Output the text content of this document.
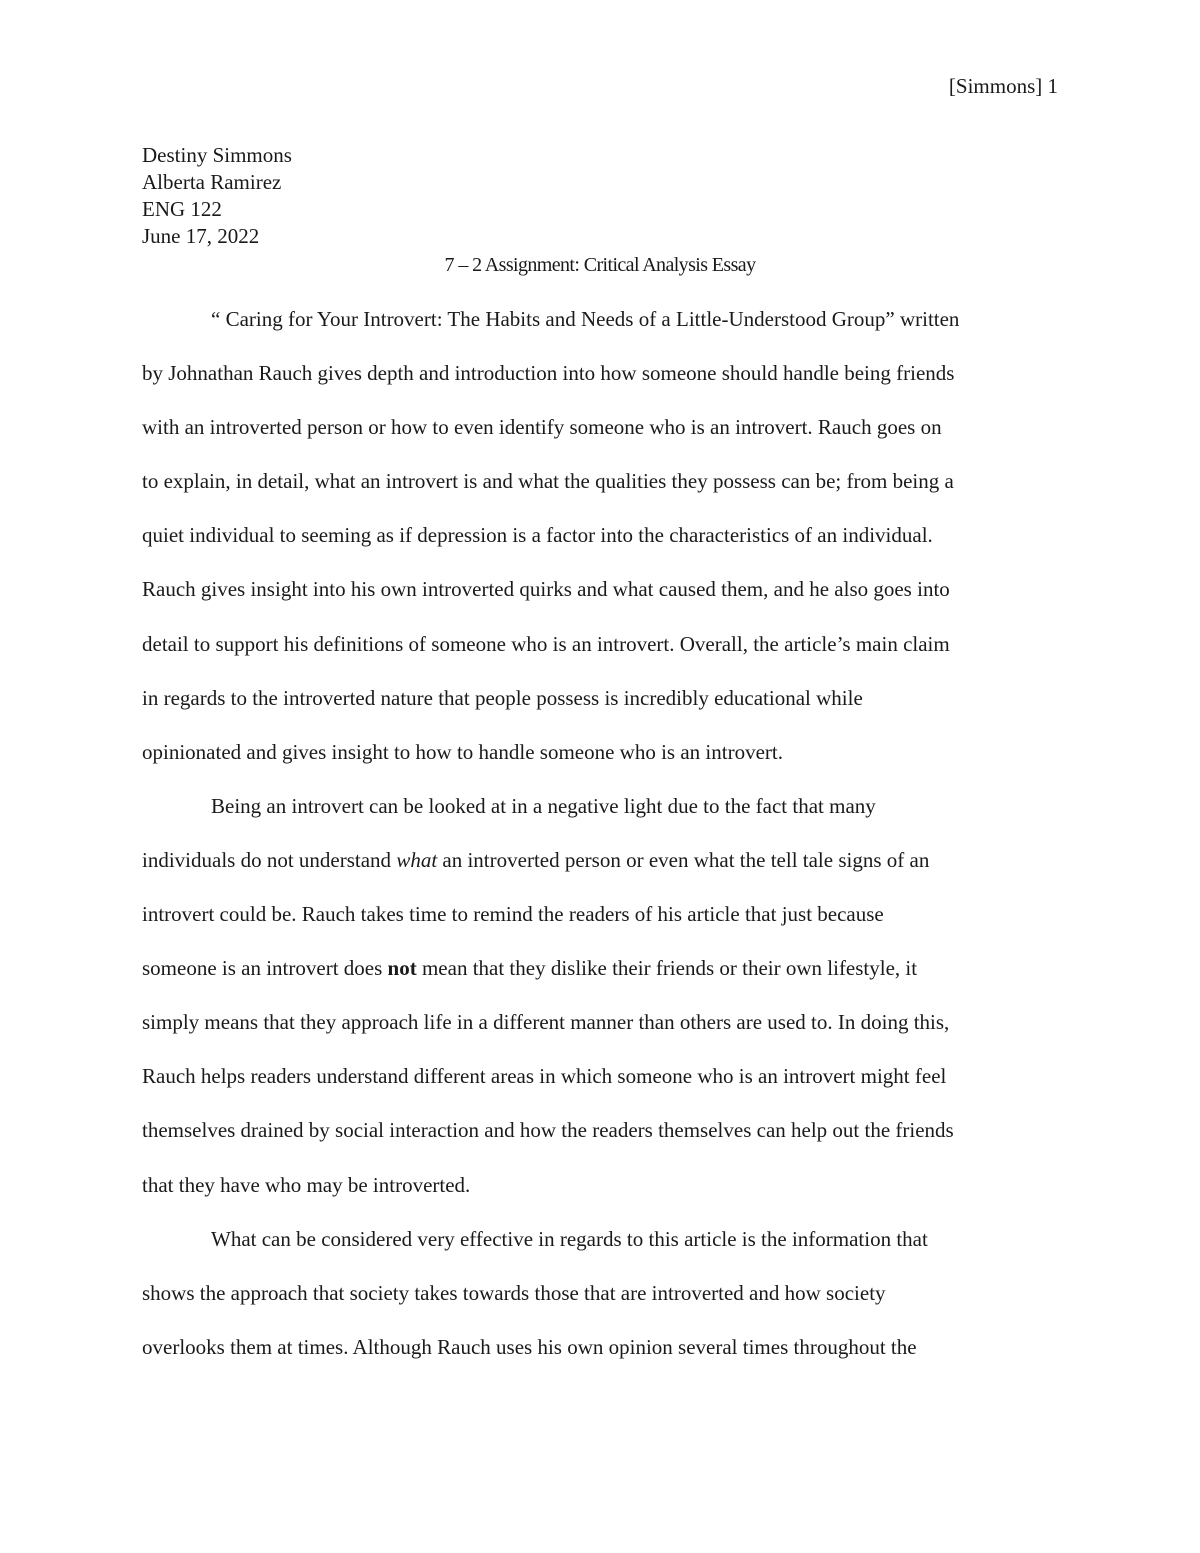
[Simmons] 1
Destiny Simmons
Alberta Ramirez
ENG 122
June 17, 2022
7 – 2 Assignment: Critical Analysis Essay
“ Caring for Your Introvert: The Habits and Needs of a Little-Understood Group” written
by Johnathan Rauch gives depth and introduction into how someone should handle being friends
with an introverted person or how to even identify someone who is an introvert. Rauch goes on
to explain, in detail, what an introvert is and what the qualities they possess can be; from being a
quiet individual to seeming as if depression is a factor into the characteristics of an individual.
Rauch gives insight into his own introverted quirks and what caused them, and he also goes into
detail to support his definitions of someone who is an introvert. Overall, the article’s main claim
in regards to the introverted nature that people possess is incredibly educational while
opinionated and gives insight to how to handle someone who is an introvert.
Being an introvert can be looked at in a negative light due to the fact that many
individuals do not understand what an introverted person or even what the tell tale signs of an
introvert could be. Rauch takes time to remind the readers of his article that just because
someone is an introvert does not mean that they dislike their friends or their own lifestyle, it
simply means that they approach life in a different manner than others are used to. In doing this,
Rauch helps readers understand different areas in which someone who is an introvert might feel
themselves drained by social interaction and how the readers themselves can help out the friends
that they have who may be introverted.
What can be considered very effective in regards to this article is the information that
shows the approach that society takes towards those that are introverted and how society
overlooks them at times. Although Rauch uses his own opinion several times throughout the
